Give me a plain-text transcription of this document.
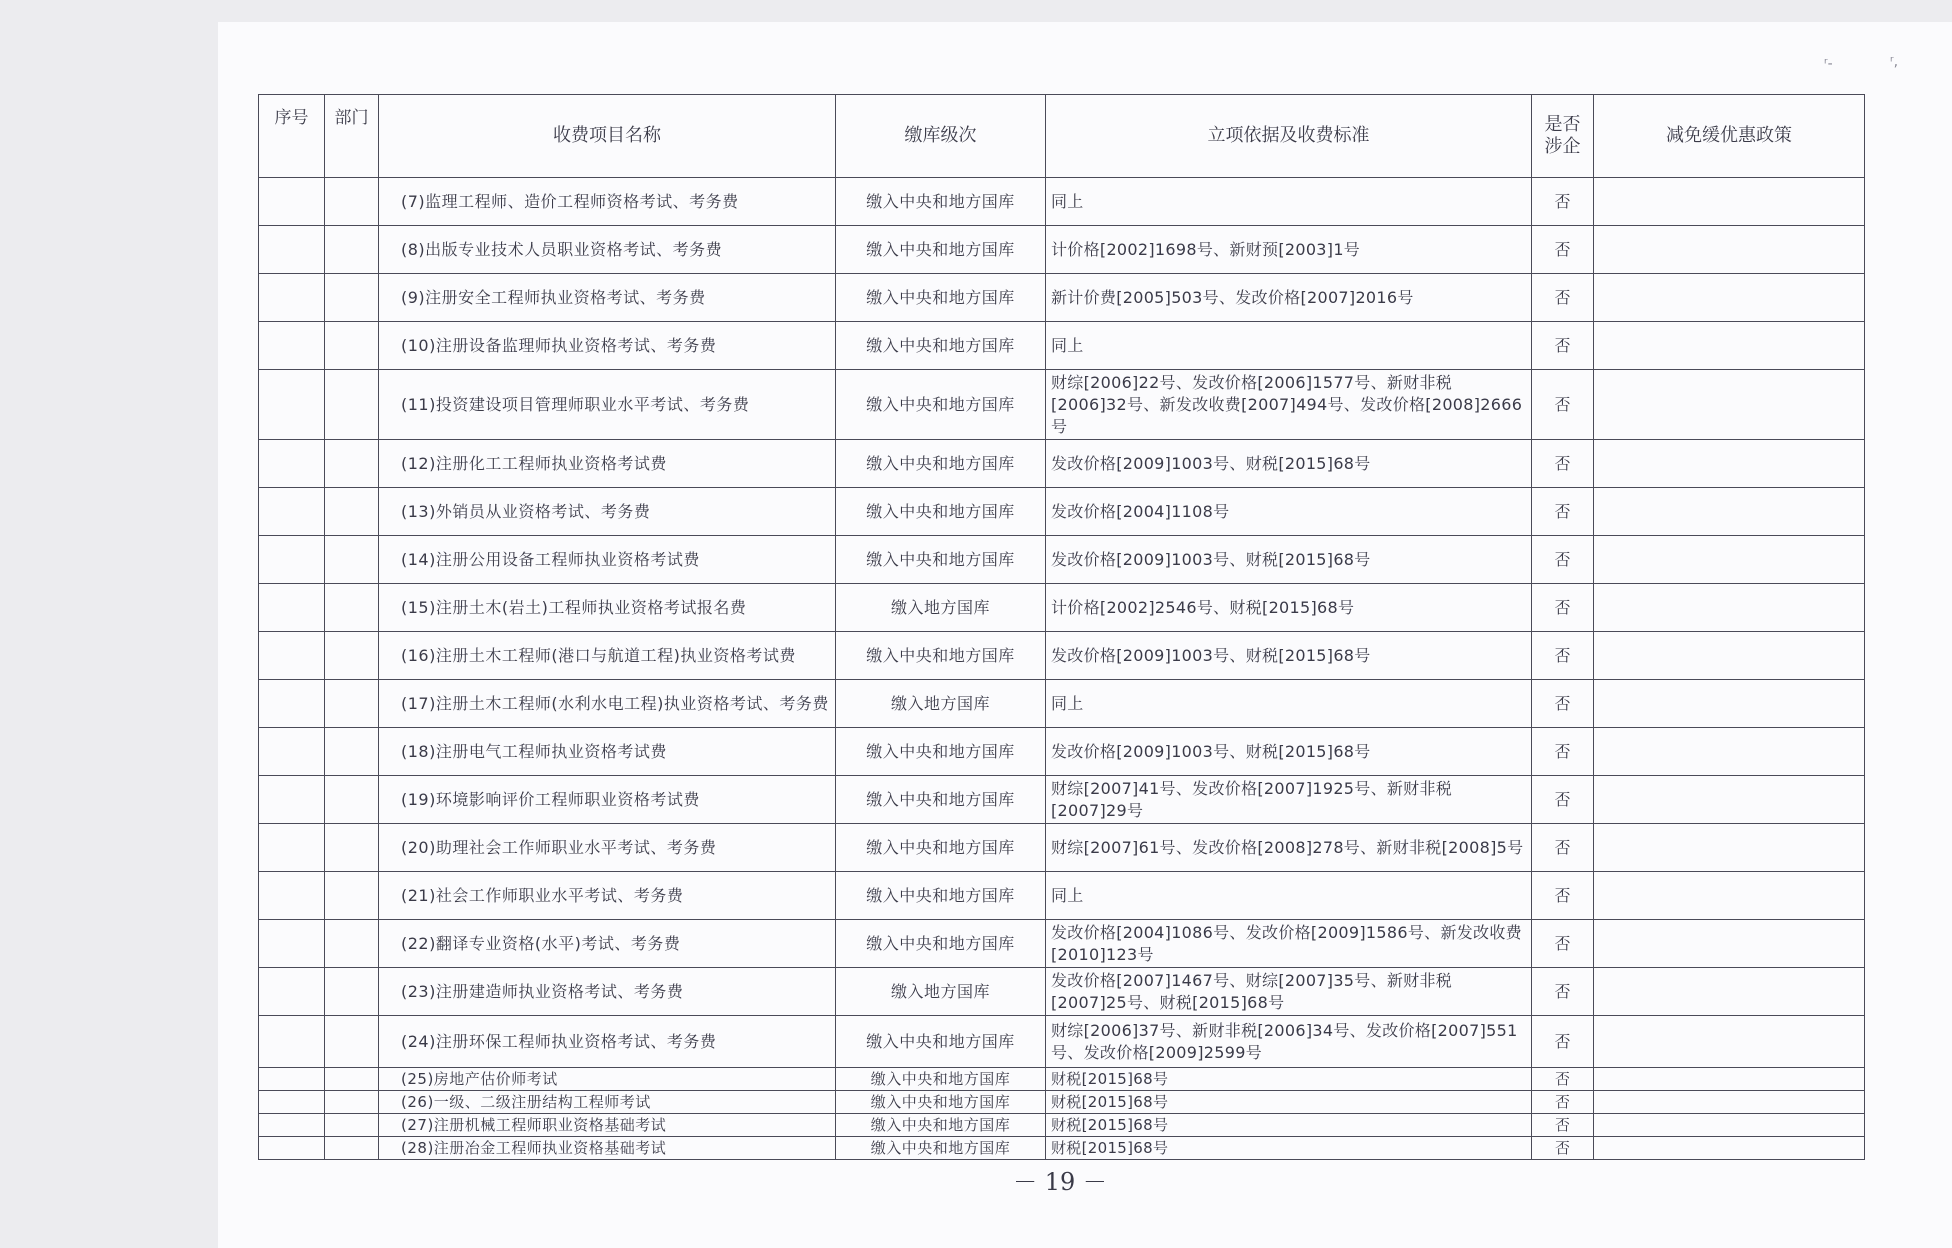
ʳ‐	ʳ,
序号	部门	收费项目名称	缴库级次	立项依据及收费标准	是否涉企	减免缓优惠政策
		(7)监理工程师、造价工程师资格考试、考务费	缴入中央和地方国库	同上	否	
		(8)出版专业技术人员职业资格考试、考务费	缴入中央和地方国库	计价格[2002]1698号、新财预[2003]1号	否	
		(9)注册安全工程师执业资格考试、考务费	缴入中央和地方国库	新计价费[2005]503号、发改价格[2007]2016号	否	
		(10)注册设备监理师执业资格考试、考务费	缴入中央和地方国库	同上	否	
		(11)投资建设项目管理师职业水平考试、考务费	缴入中央和地方国库	财综[2006]22号、发改价格[2006]1577号、新财非税[2006]32号、新发改收费[2007]494号、发改价格[2008]2666号	否	
		(12)注册化工工程师执业资格考试费	缴入中央和地方国库	发改价格[2009]1003号、财税[2015]68号	否	
		(13)外销员从业资格考试、考务费	缴入中央和地方国库	发改价格[2004]1108号	否	
		(14)注册公用设备工程师执业资格考试费	缴入中央和地方国库	发改价格[2009]1003号、财税[2015]68号	否	
		(15)注册土木(岩土)工程师执业资格考试报名费	缴入地方国库	计价格[2002]2546号、财税[2015]68号	否	
		(16)注册土木工程师(港口与航道工程)执业资格考试费	缴入中央和地方国库	发改价格[2009]1003号、财税[2015]68号	否	
		(17)注册土木工程师(水利水电工程)执业资格考试、考务费	缴入地方国库	同上	否	
		(18)注册电气工程师执业资格考试费	缴入中央和地方国库	发改价格[2009]1003号、财税[2015]68号	否	
		(19)环境影响评价工程师职业资格考试费	缴入中央和地方国库	财综[2007]41号、发改价格[2007]1925号、新财非税[2007]29号	否	
		(20)助理社会工作师职业水平考试、考务费	缴入中央和地方国库	财综[2007]61号、发改价格[2008]278号、新财非税[2008]5号	否	
		(21)社会工作师职业水平考试、考务费	缴入中央和地方国库	同上	否	
		(22)翻译专业资格(水平)考试、考务费	缴入中央和地方国库	发改价格[2004]1086号、发改价格[2009]1586号、新发改收费[2010]123号	否	
		(23)注册建造师执业资格考试、考务费	缴入地方国库	发改价格[2007]1467号、财综[2007]35号、新财非税[2007]25号、财税[2015]68号	否	
		(24)注册环保工程师执业资格考试、考务费	缴入中央和地方国库	财综[2006]37号、新财非税[2006]34号、发改价格[2007]551号、发改价格[2009]2599号	否	
		(25)房地产估价师考试	缴入中央和地方国库	财税[2015]68号	否	
		(26)一级、二级注册结构工程师考试	缴入中央和地方国库	财税[2015]68号	否	
		(27)注册机械工程师职业资格基础考试	缴入中央和地方国库	财税[2015]68号	否	
		(28)注册冶金工程师执业资格基础考试	缴入中央和地方国库	财税[2015]68号	否	
－ 19 －
